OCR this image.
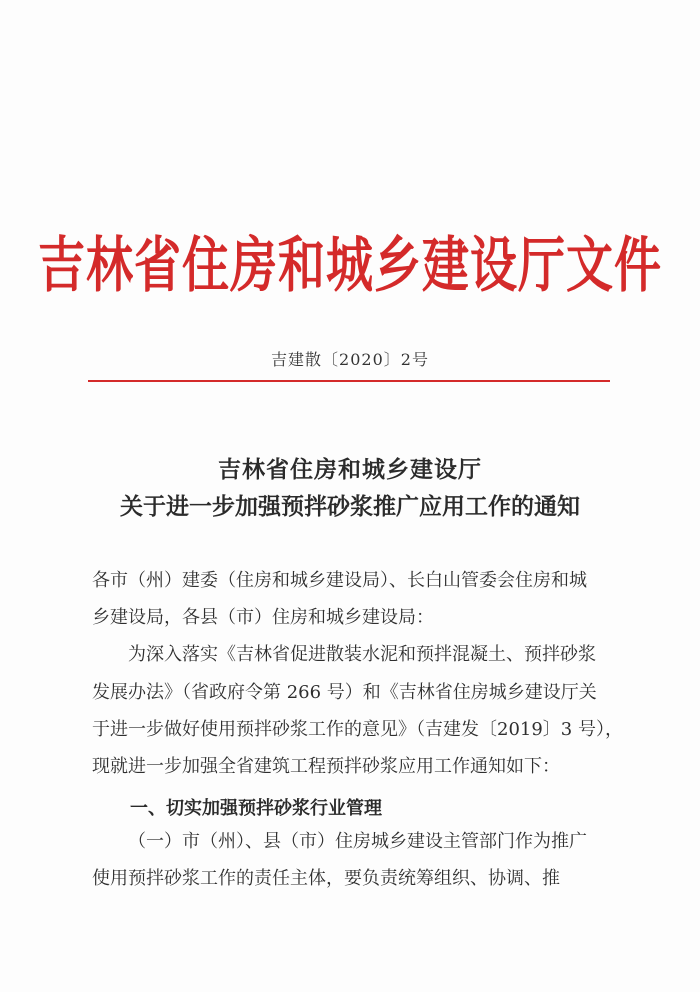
吉林省住房和城乡建设厅文件
吉建散〔2020〕2号
吉林省住房和城乡建设厅
关于进一步加强预拌砂浆推广应用工作的通知
各市（州）建委（住房和城乡建设局）、长白山管委会住房和城
乡建设局，各县（市）住房和城乡建设局：
为深入落实《吉林省促进散装水泥和预拌混凝土、预拌砂浆
发展办法》（省政府令第 266 号）和《吉林省住房城乡建设厅关
于进一步做好使用预拌砂浆工作的意见》（吉建发〔2019〕3 号），
现就进一步加强全省建筑工程预拌砂浆应用工作通知如下：
一、切实加强预拌砂浆行业管理
（一）市（州）、县（市）住房城乡建设主管部门作为推广
使用预拌砂浆工作的责任主体，要负责统筹组织、协调、推
